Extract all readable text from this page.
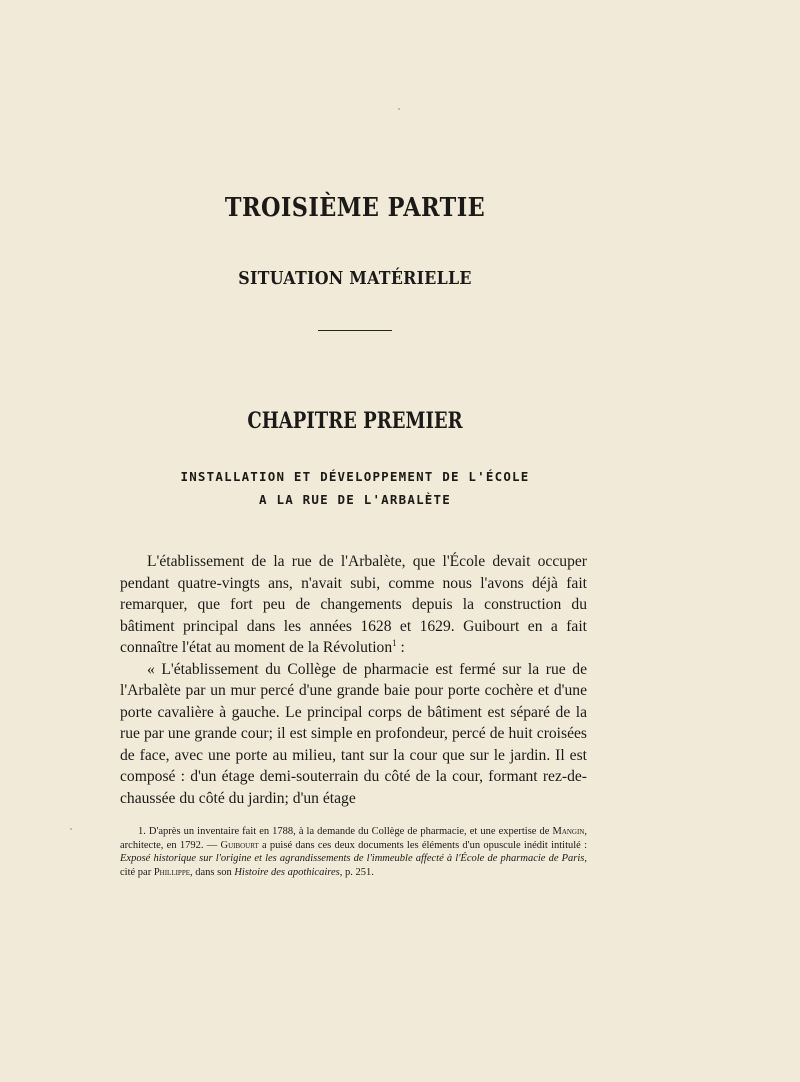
TROISIÈME PARTIE
SITUATION MATÉRIELLE
CHAPITRE PREMIER
INSTALLATION ET DÉVELOPPEMENT DE L'ÉCOLE
A LA RUE DE L'ARBALÈTE

L'établissement de la rue de l'Arbalète, que l'École devait occuper pendant quatre-vingts ans, n'avait subi, comme nous l'avons déjà fait remarquer, que fort peu de changements depuis la construction du bâtiment principal dans les années 1628 et 1629. Guibourt en a fait connaître l'état au moment de la Révolution$^1$ :

« L'établissement du Collège de pharmacie est fermé sur la rue de l'Arbalète par un mur percé d'une grande baie pour porte cochère et d'une porte cavalière à gauche. Le principal corps de bâtiment est séparé de la rue par une grande cour; il est simple en profondeur, percé de huit croisées de face, avec une porte au milieu, tant sur la cour que sur le jardin. Il est composé : d'un étage demi-souterrain du côté de la cour, formant rez-de-chaussée du côté du jardin; d'un étage

1. D'après un inventaire fait en 1788, à la demande du Collège de pharmacie, et une expertise de Mangin, architecte, en 1792. — Guibourt a puisé dans ces deux documents les éléments d'un opuscule inédit intitulé : Exposé historique sur l'origine et les agrandissements de l'immeuble affecté à l'École de pharmacie de Paris, cité par Phillippe, dans son Histoire des apothicaires, p. 251.
